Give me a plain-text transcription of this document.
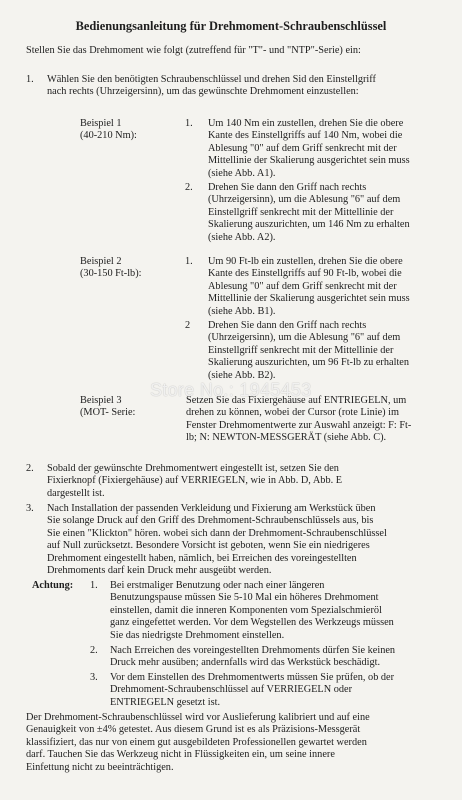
Bedienungsanleitung für Drehmoment-Schraubenschlüssel

Stellen Sie das Drehmoment wie folgt (zutreffend für "T"- und "NTP"-Serie) ein:

1. Wählen Sie den benötigten Schraubenschlüssel und drehen Sid den Einstellgriff
nach rechts (Uhrzeigersinn), um das gewünschte Drehmoment einzustellen:

Beispiel 1
(40-210 Nm):

1. Um 140 Nm ein zustellen, drehen Sie die obere
Kante des Einstellgriffs auf 140 Nm, wobei die
Ablesung "0" auf dem Griff senkrecht mit der
Mittellinie der Skalierung ausgerichtet sein muss
(siehe Abb. A1).

2. Drehen Sie dann den Griff nach rechts
(Uhrzeigersinn), um die Ablesung "6" auf dem
Einstellgriff senkrecht mit der Mittellinie der
Skalierung auszurichten, um 146 Nm zu erhalten
(siehe Abb. A2).

Beispiel 2
(30-150 Ft-lb):

1. Um 90 Ft-lb ein zustellen, drehen Sie die obere
Kante des Einstellgriffs auf 90 Ft-lb, wobei die
Ablesung "0" auf dem Griff senkrecht mit der
Mittellinie der Skalierung ausgerichtet sein muss
(siehe Abb. B1).

2 Drehen Sie dann den Griff nach rechts
(Uhrzeigersinn), um die Ablesung "6" auf dem
Einstellgriff senkrecht mit der Mittellinie der
Skalierung auszurichten, um 96 Ft-lb zu erhalten
(siehe Abb. B2).

Beispiel 3
(MOT- Serie:

Setzen Sie das Fixiergehäuse auf ENTRIEGELN, um
drehen zu können, wobei der Cursor (rote Linie) im
Fenster Drehmomentwerte zur Auswahl anzeigt: F: Ft-
lb; N: NEWTON-MESSGERÄT (siehe Abb. C).

Store No.: 1945453

2. Sobald der gewünschte Drehmomentwert eingestellt ist, setzen Sie den
Fixierknopf (Fixiergehäuse) auf VERRIEGELN, wie in Abb. D, Abb. E
dargestellt ist.

3. Nach Installation der passenden Verkleidung und Fixierung am Werkstück üben
Sie solange Druck auf den Griff des Drehmoment-Schraubenschlüssels aus, bis
Sie einen "Klickton" hören. wobei sich dann der Drehmoment-Schraubenschlüssel
auf Null zurücksetzt. Besondere Vorsicht ist geboten, wenn Sie ein niedrigeres
Drehmoment eingestellt haben, nämlich, bei Erreichen des voreingestellten
Drehmoments darf kein Druck mehr ausgeübt werden.

Achtung: 1. Bei erstmaliger Benutzung oder nach einer längeren
Benutzungspause müssen Sie 5-10 Mal ein höheres Drehmoment
einstellen, damit die inneren Komponenten vom Spezialschmieröl
ganz eingefettet werden. Vor dem Wegstellen des Werkzeugs müssen
Sie das niedrigste Drehmoment einstellen.

2. Nach Erreichen des voreingestellten Drehmoments dürfen Sie keinen
Druck mehr ausüben; andernfalls wird das Werkstück beschädigt.

3. Vor dem Einstellen des Drehmomentwerts müssen Sie prüfen, ob der
Drehmoment-Schraubenschlüssel auf VERRIEGELN oder
ENTRIEGELN gesetzt ist.

Der Drehmoment-Schraubenschlüssel wird vor Auslieferung kalibriert und auf eine
Genauigkeit von ±4% getestet. Aus diesem Grund ist es als Präzisions-Messgerät
klassifiziert, das nur von einem gut ausgebildeten Professionellen gewartet werden
darf. Tauchen Sie das Werkzeug nicht in Flüssigkeiten ein, um seine innere
Einfettung nicht zu beeinträchtigen.
